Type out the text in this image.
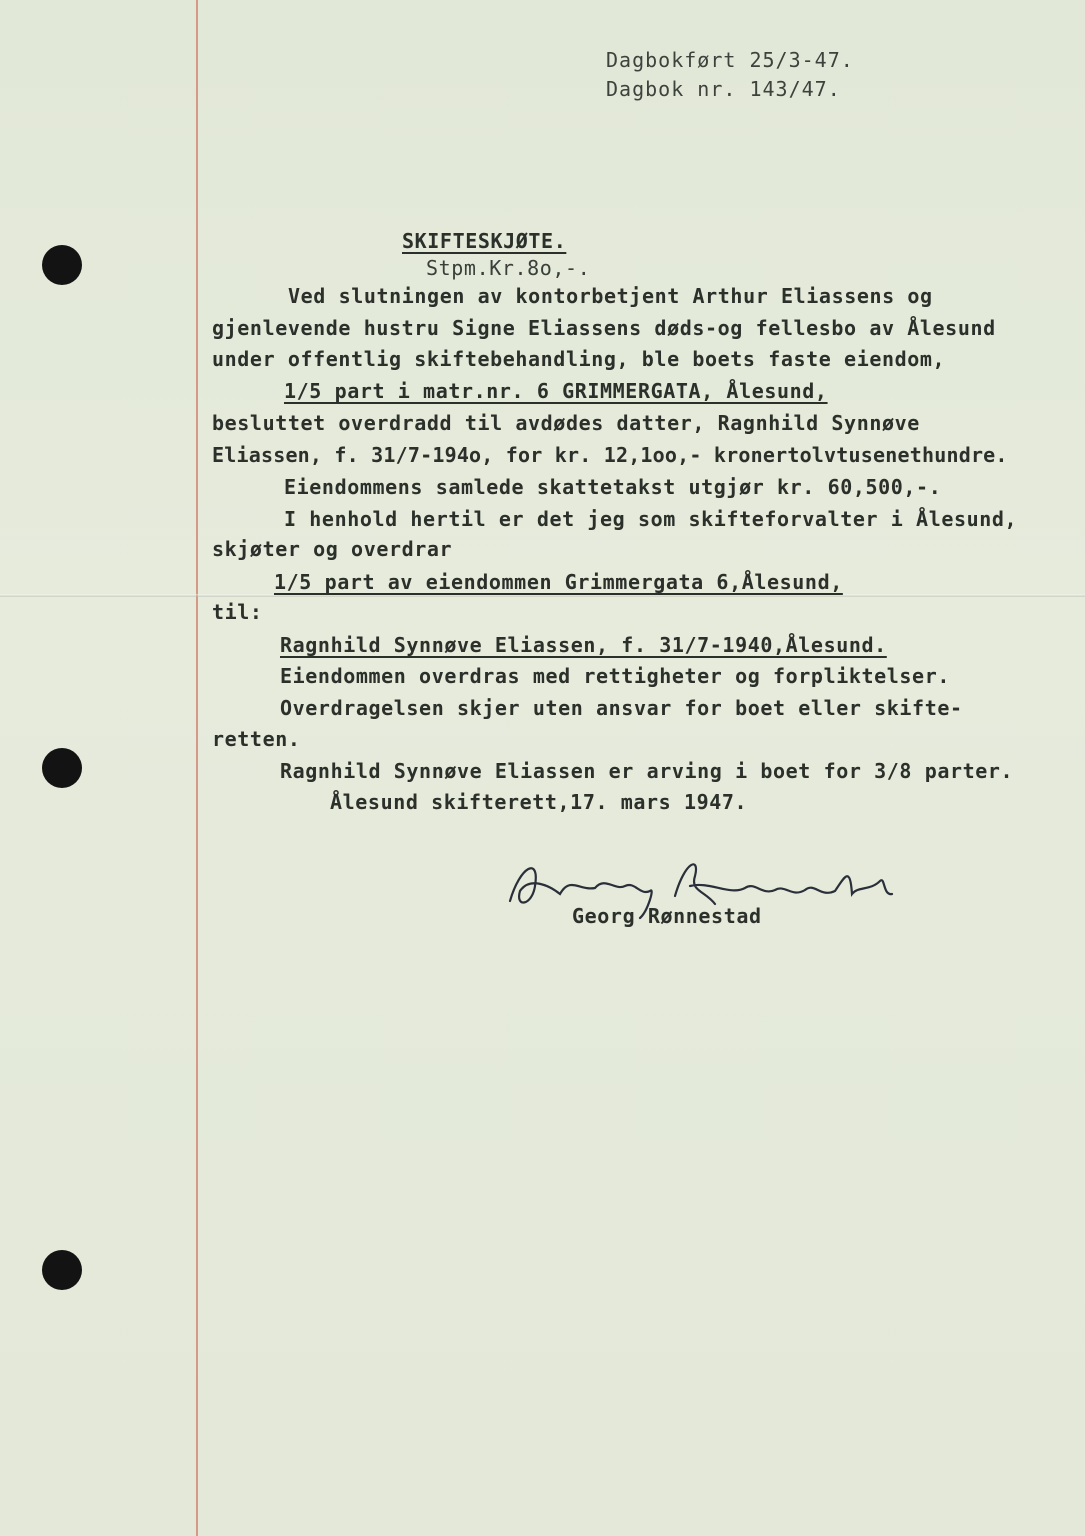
Dagbokført 25/3-47.
Dagbok nr. 143/47.
SKIFTESKJØTE.
Stpm.Kr.8o,-.
Ved slutningen av kontorbetjent Arthur Eliassens og
gjenlevende hustru Signe Eliassens døds-og fellesbo av Ålesund
under offentlig skiftebehandling, ble boets faste eiendom,
1/5 part i matr.nr. 6 GRIMMERGATA, Ålesund,
besluttet overdradd til avdødes datter, Ragnhild Synnøve
Eliassen, f. 31/7-194o, for kr. 12,1oo,- kronertolvtusenethundre.
Eiendommens samlede skattetakst utgjør kr. 60,500,-.
I henhold hertil er det jeg som skifteforvalter i Ålesund,
skjøter og overdrar
1/5 part av eiendommen Grimmergata 6,Ålesund,
til:
Ragnhild Synnøve Eliassen, f. 31/7-1940,Ålesund.
Eiendommen overdras med rettigheter og forpliktelser.
Overdragelsen skjer uten ansvar for boet eller skifte-
retten.
Ragnhild Synnøve Eliassen er arving i boet for 3/8 parter.
Ålesund skifterett,17. mars 1947.
Georg Rønnestad
